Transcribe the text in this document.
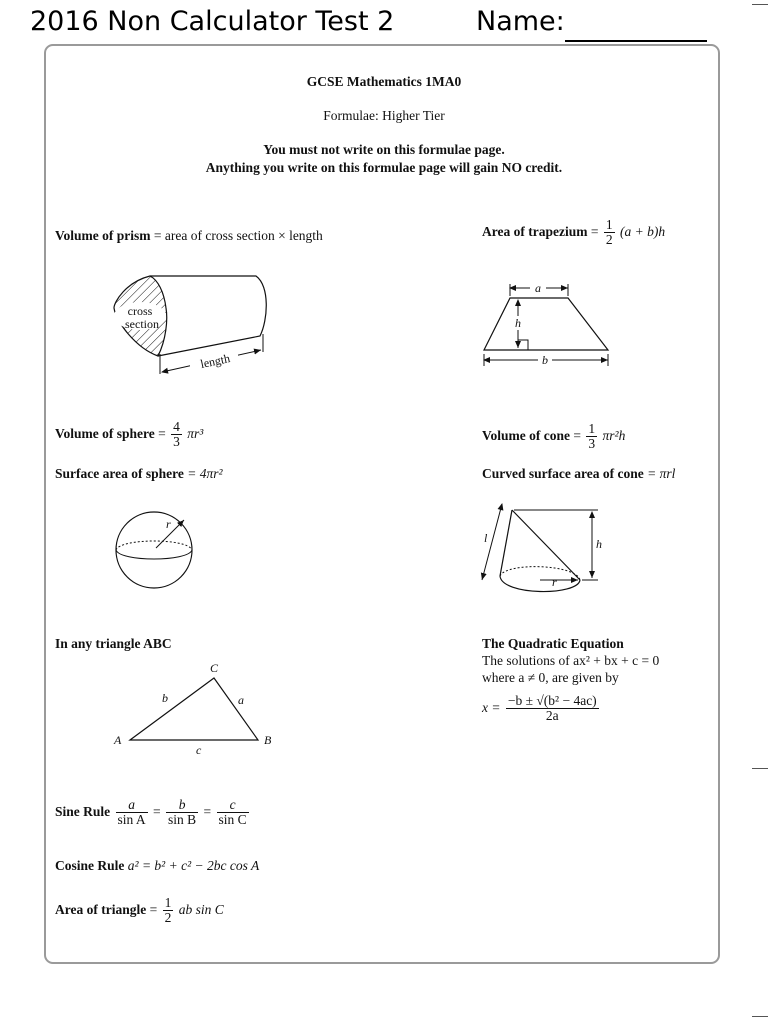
2016 Non Calculator Test 2	Name:
GCSE Mathematics 1MA0
Formulae: Higher Tier
You must not write on this formulae page.
Anything you write on this formulae page will gain NO credit.
Volume of prism = area of cross section × length
cross
section
length
Area of trapezium = $\frac{1}{2} (a + b)h$
a
h
b
Volume of sphere = $\frac{4}{3} \pi r^3$
Surface area of sphere = 4πr²
r
Volume of cone = $\frac{1}{3} \pi r^2h$
Curved surface area of cone = πrl
r
l	h
In any triangle ABC
C
A	B
b	a
c
The Quadratic Equation
The solutions of ax² + bx + c = 0
where a ≠ 0, are given by
$x = \frac{\text{−b ± √(b² − 4ac)}}{2a}$
Sine Rule $\frac{a}{\text{sin A}} = \frac{b}{\text{sin B}} = \frac{c}{\text{sin C}}$
Cosine Rule a² = b² + c² − 2bc cos A
Area of triangle = $\frac{1}{2}$ ab sin C
